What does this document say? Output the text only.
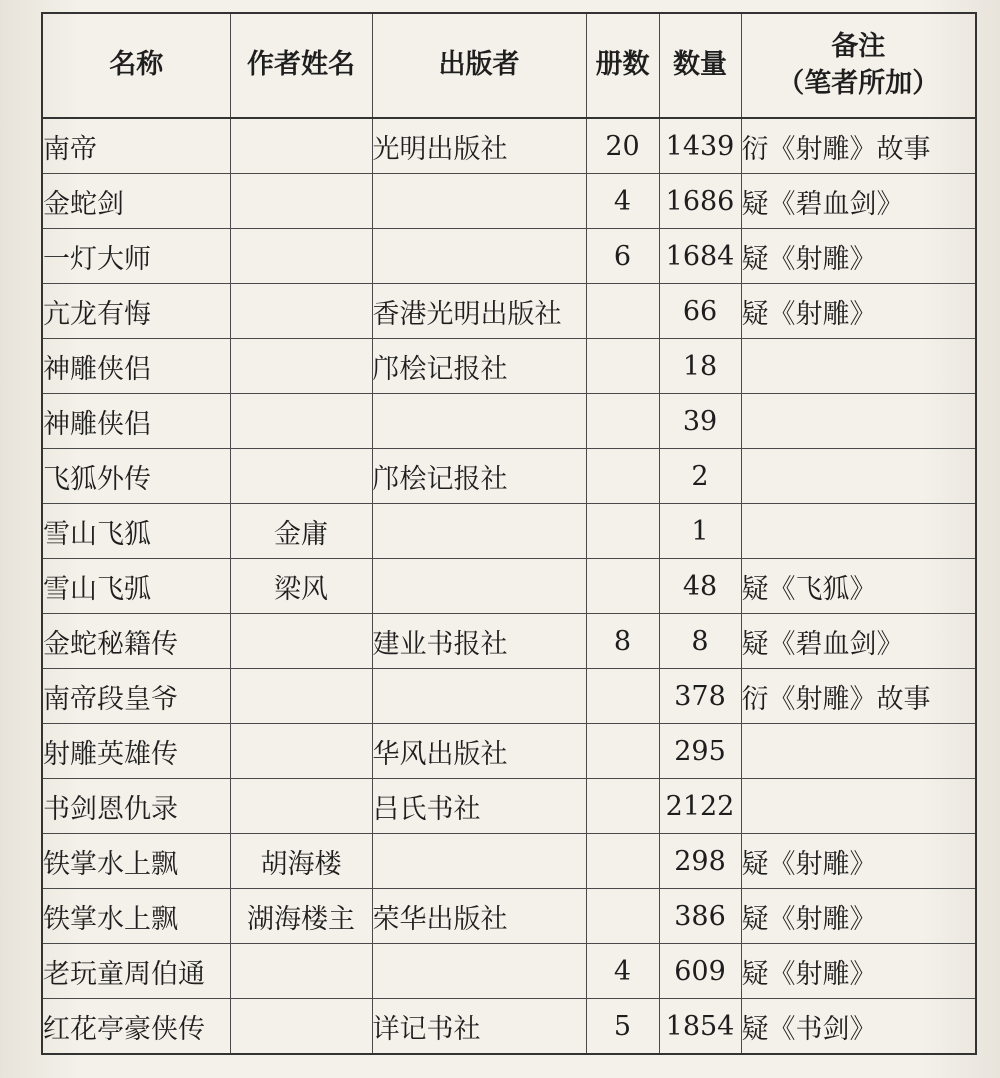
名称	作者姓名	出版者	册数	数量	备注
（笔者所加）

南帝		光明出版社	20	1439	衍《射雕》故事
金蛇剑			4	1686	疑《碧血剑》
一灯大师			6	1684	疑《射雕》
亢龙有悔		香港光明出版社		66	疑《射雕》
神雕侠侣		邝桧记报社		18	
神雕侠侣				39	
飞狐外传		邝桧记报社		2	
雪山飞狐	金庸			1	
雪山飞弧	梁风			48	疑《飞狐》
金蛇秘籍传		建业书报社	8	8	疑《碧血剑》
南帝段皇爷				378	衍《射雕》故事
射雕英雄传		华风出版社		295	
书剑恩仇录		吕氏书社		2122	
铁掌水上飘	胡海楼			298	疑《射雕》
铁掌水上飘	湖海楼主	荣华出版社		386	疑《射雕》
老玩童周伯通			4	609	疑《射雕》
红花亭豪侠传		详记书社	5	1854	疑《书剑》
